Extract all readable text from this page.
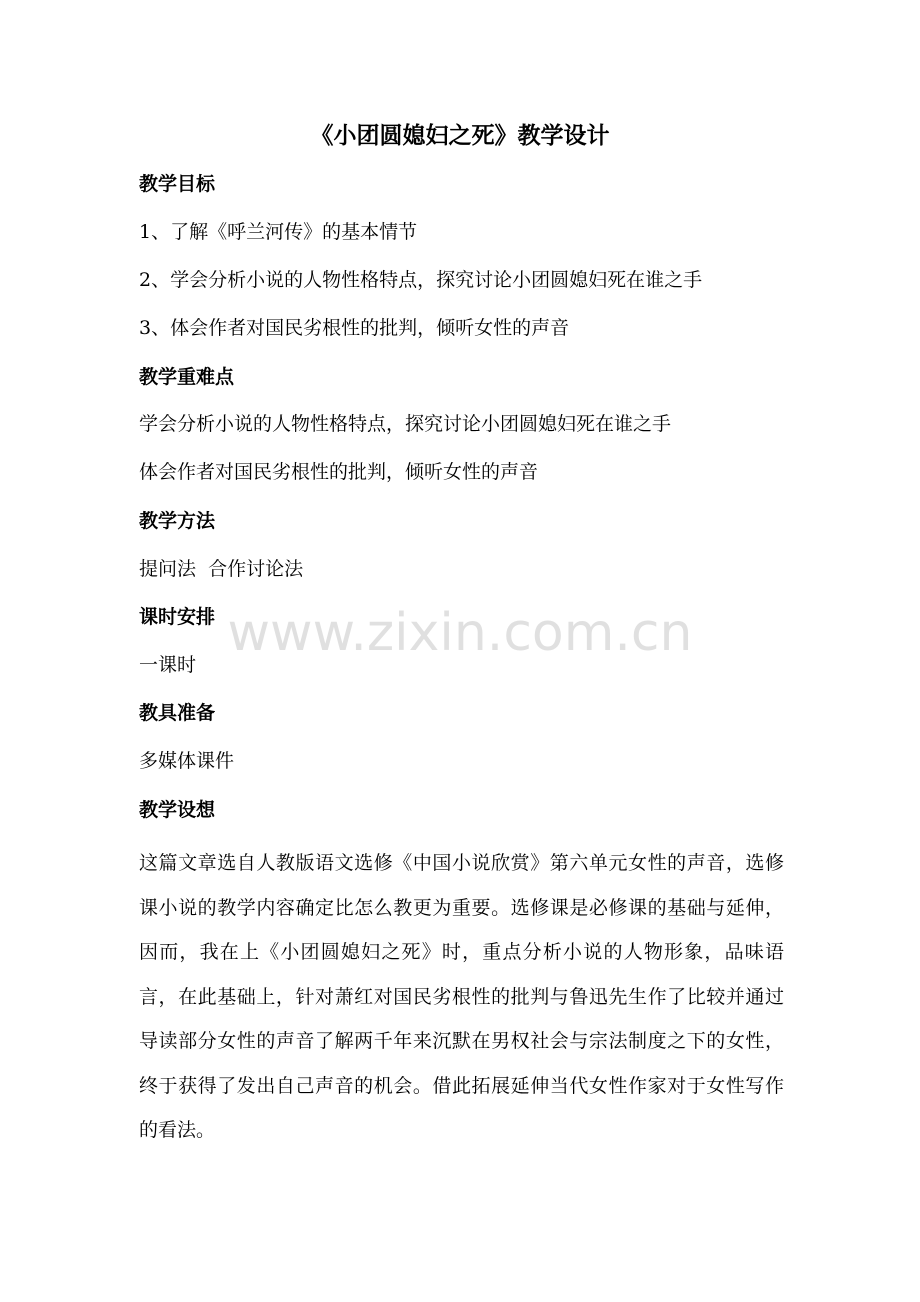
《小团圆媳妇之死》教学设计
教学目标
1、了解《呼兰河传》的基本情节
2、学会分析小说的人物性格特点，探究讨论小团圆媳妇死在谁之手
3、体会作者对国民劣根性的批判，倾听女性的声音
教学重难点
学会分析小说的人物性格特点，探究讨论小团圆媳妇死在谁之手
体会作者对国民劣根性的批判，倾听女性的声音
教学方法
提问法  合作讨论法
课时安排
一课时
教具准备
多媒体课件
教学设想
这篇文章选自人教版语文选修《中国小说欣赏》第六单元女性的声音，选修课小说的教学内容确定比怎么教更为重要。选修课是必修课的基础与延伸，因而，我在上《小团圆媳妇之死》时，重点分析小说的人物形象，品味语言，在此基础上，针对萧红对国民劣根性的批判与鲁迅先生作了比较并通过导读部分女性的声音了解两千年来沉默在男权社会与宗法制度之下的女性，终于获得了发出自己声音的机会。借此拓展延伸当代女性作家对于女性写作的看法。
www.zixin.com.cn
